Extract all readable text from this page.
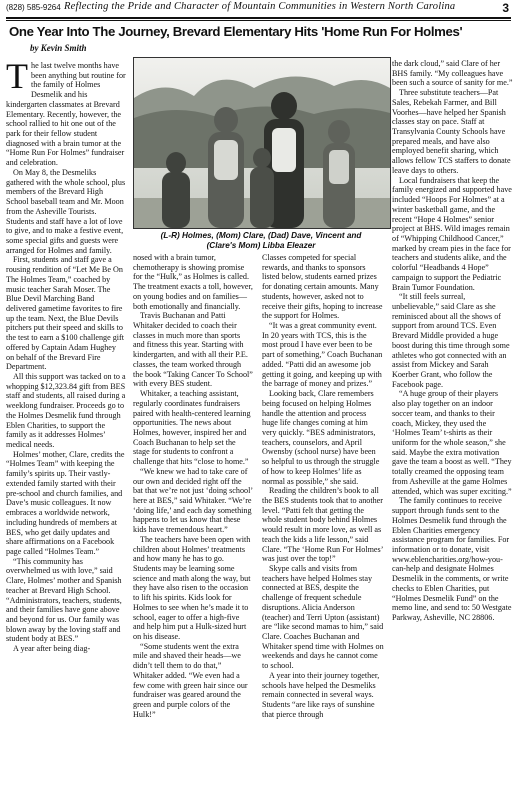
(828) 585-9264 Reflecting the Pride and Character of Mountain Communities in Western North Carolina	3
One Year Into The Journey, Brevard Elementary Hits 'Home Run For Holmes'
by Kevin Smith
(L-R) Holmes, (Mom) Clare, (Dad) Dave, Vincent and
(Clare's Mom) Libba Eleazer

The last twelve months have been anything but routine for the family of Holmes Desmelik and his kindergarten classmates at Brevard Elementary. Recently, however, the school rallied to hit one out of the park for their fellow student diagnosed with a brain tumor at the “Home Run For Holmes” fundraiser and celebration.

On May 8, the Desmeliks gathered with the whole school, plus members of the Brevard High School baseball team and Mr. Moon from the Asheville Tourists. Students and staff have a lot of love to give, and to make a festive event, some special gifts and guests were arranged for Holmes and family.

First, students and staff gave a rousing rendition of “Let Me Be On The Holmes Team,” coached by music teacher Sarah Moser. The Blue Devil Marching Band delivered gametime favorites to fire up the team. Next, the Blue Devils pitchers put their speed and skills to the test to earn a $100 challenge gift offered by Captain Adam Hughey on behalf of the Brevard Fire Department.

All this support was tacked on to a whopping $12,323.84 gift from BES staff and students, all raised during a weeklong fundraiser. Proceeds go to the Holmes Desmelik fund through Eblen Charities, to support the family as it addresses Holmes’ medical needs.

Holmes’ mother, Clare, credits the “Holmes Team” with keeping the family’s spirits up. Their vastly-extended family started with their pre-school and church families, and Dave’s music colleagues. It now embraces a worldwide network, including hundreds of members at BES, who get daily updates and share affirmations on a Facebook page called “Holmes Team.”

“This community has overwhelmed us with love,” said Clare, Holmes’ mother and Spanish teacher at Brevard High School. “Administrators, teachers, students, and their families have gone above and beyond for us. Our family was blown away by the loving staff and student body at BES.”

A year after being diag-

nosed with a brain tumor, chemotherapy is showing promise for the “Hulk,” as Holmes is called. The treatment exacts a toll, however, on young bodies and on families—both emotionally and financially.

Travis Buchanan and Patti Whitaker decided to coach their classes in much more than sports and fitness this year. Starting with kindergarten, and with all their P.E. classes, the team worked through the book “Taking Cancer To School” with every BES student.

Whitaker, a teaching assistant, regularly coordinates fundraisers paired with health-centered learning opportunities. The news about Holmes, however, inspired her and Coach Buchanan to help set the stage for students to confront a challenge that hits “close to home.”

“We knew we had to take care of our own and decided right off the bat that we’re not just ‘doing school’ here at BES,” said Whitaker. “We’re ‘doing life,’ and each day something happens to let us know that these kids have tremendous heart.”

The teachers have been open with children about Holmes’ treatments and how many he has to go. Students may be learning some science and math along the way, but they have also risen to the occasion to lift his spirits. Kids look for Holmes to see when he’s made it to school, eager to offer a high-five and help him put a Hulk-sized hurt on his disease.

“Some students went the extra mile and shaved their heads—we didn’t tell them to do that,” Whitaker added. “We even had a few come with green hair since our fundraiser was geared around the green and purple colors of the Hulk!”

Classes competed for special rewards, and thanks to sponsors listed below, students earned prizes for donating certain amounts. Many students, however, asked not to receive their gifts, hoping to increase the support for Holmes.

“It was a great community event. In 20 years with TCS, this is the most proud I have ever been to be part of something,” Coach Buchanan added. “Patti did an awesome job getting it going, and keeping up with the barrage of money and prizes.”

Looking back, Clare remembers being focused on helping Holmes handle the attention and process huge life changes coming at him very quickly. “BES administrators, teachers, counselors, and April Owensby (school nurse) have been so helpful to us through the struggle of how to keep Holmes’ life as normal as possible,” she said.

Reading the children’s book to all the BES students took that to another level. “Patti felt that getting the whole student body behind Holmes would result in more love, as well as teach the kids a life lesson,” said Clare. “The ‘Home Run For Holmes’ was just over the top!”

Skype calls and visits from teachers have helped Holmes stay connected at BES, despite the challenge of frequent schedule disruptions. Alicia Anderson (teacher) and Terri Upton (assistant) are “like second mamas to him,” said Clare. Coaches Buchanan and Whitaker spend time with Holmes on weekends and days he cannot come to school.

A year into their journey together, schools have helped the Desmeliks remain connected in several ways. Students “are like rays of sunshine that pierce through

the dark cloud,” said Clare of her BHS family. “My colleagues have been such a source of sanity for me.”

Three substitute teachers—Pat Sales, Rebekah Farmer, and Bill Voorhes—have helped her Spanish classes stay on pace. Staff at Transylvania County Schools have prepared meals, and have also employed benefit sharing, which allows fellow TCS staffers to donate leave days to others.

Local fundraisers that keep the family energized and supported have included “Hoops For Holmes” at a winter basketball game, and the recent “Hope 4 Holmes” senior project at BHS. Wild images remain of “Whipping Childhood Cancer,” marked by cream pies in the face for teachers and students alike, and the colorful “Headbands 4 Hope” campaign to support the Pediatric Brain Tumor Foundation.

“It still feels surreal, unbelievable,” said Clare as she reminisced about all the shows of support from around TCS. Even Brevard Middle provided a huge boost during this time through some athletes who got connected with an assist from Mickey and Sarah Koerber Grant, who follow the Facebook page.

“A huge group of their players also play together on an indoor soccer team, and thanks to their coach, Mickey, they used the ‘Holmes Team’ t-shirts as their uniform for the whole season,” she said. Maybe the extra motivation gave the team a boost as well. “They totally creamed the opposing team from Asheville at the game Holmes attended, which was super exciting.”

The family continues to receive support through funds sent to the Holmes Desmelik fund through the Eblen Charities emergency assistance program for families. For information or to donate, visit www.eblencharities.org/how-you-can-help and designate Holmes Desmelik in the comments, or write checks to Eblen Charities, put “Holmes Desmelik Fund” on the memo line, and send to: 50 Westgate Parkway, Asheville, NC 28806.
